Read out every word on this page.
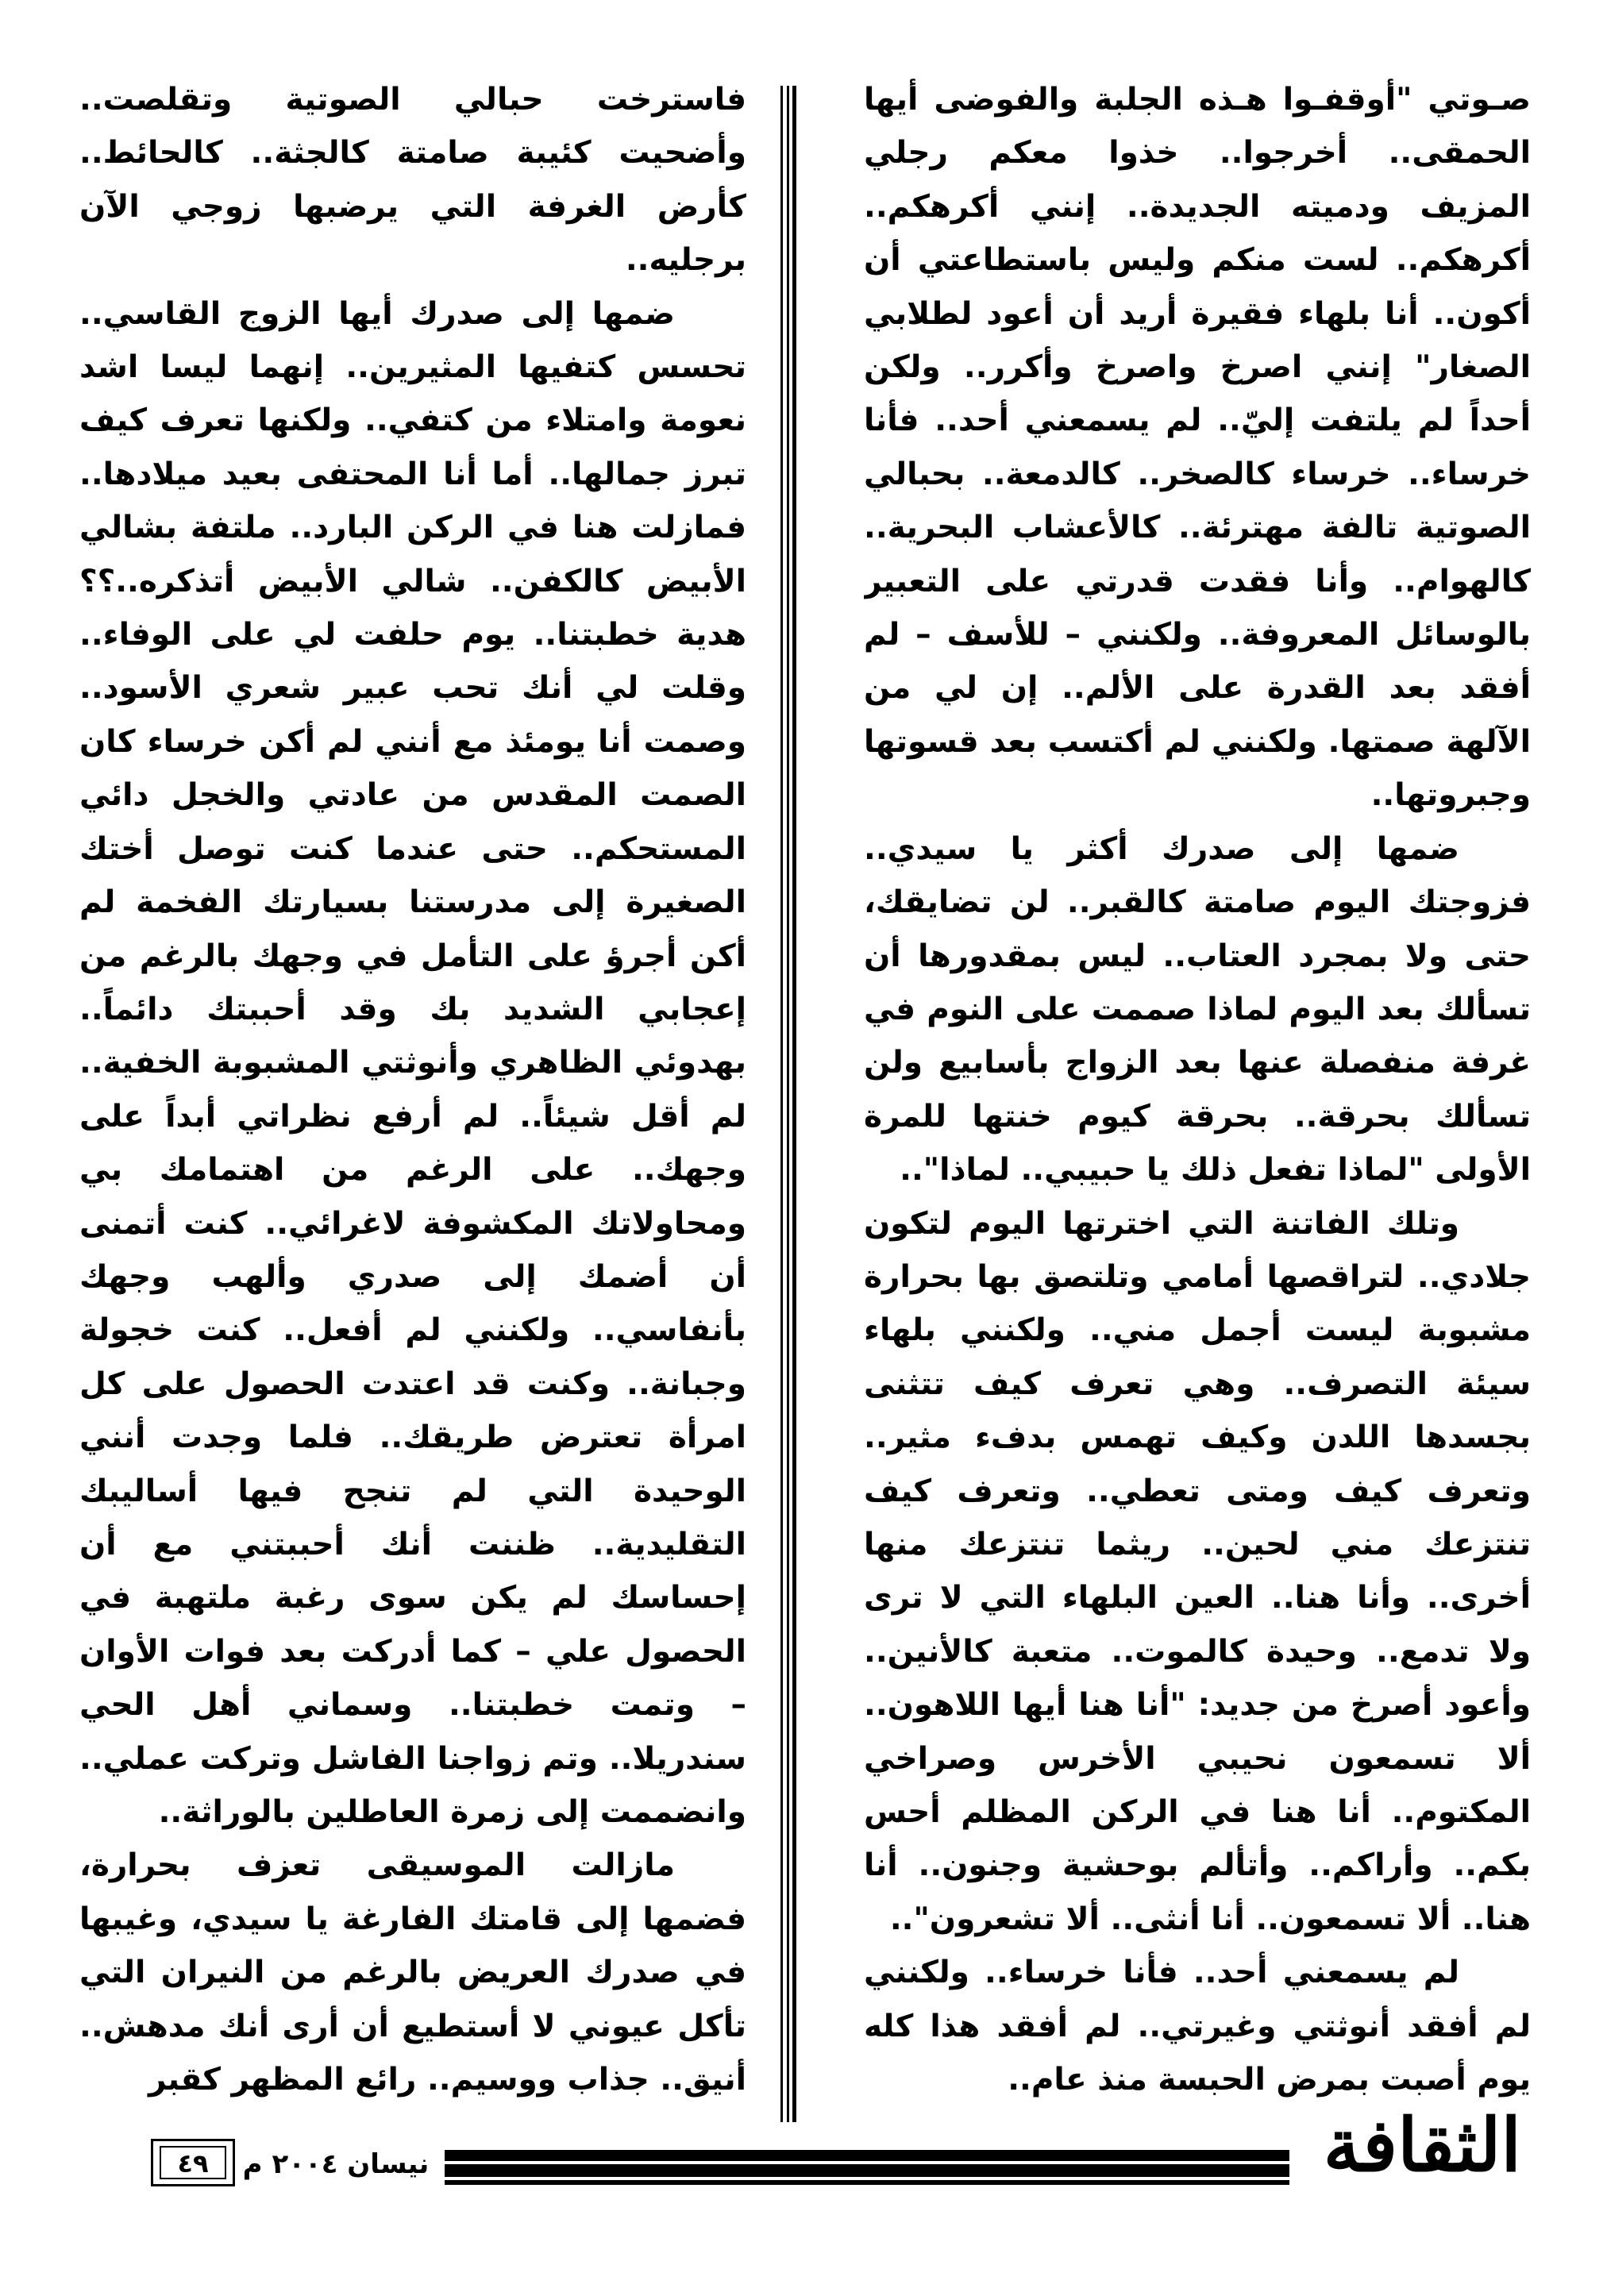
صـوتي "أوقفـوا هـذه الجلبة والفوضى أيها الحمقى.. أخرجوا.. خذوا معكم رجلي المزيف ودميته الجديدة.. إنني أكرهكم.. أكرهكم.. لست منكم وليس باستطاعتي أن أكون.. أنا بلهاء فقيرة أريد أن أعود لطلابي الصغار" إنني اصرخ واصرخ وأكرر.. ولكن أحداً لم يلتفت إليّ.. لم يسمعني أحد.. فأنا خرساء.. خرساء كالصخر.. كالدمعة.. بحبالي الصوتية تالفة مهترئة.. كالأعشاب البحرية.. كالهوام.. وأنا فقدت قدرتي على التعبير بالوسائل المعروفة.. ولكنني – للأسف – لم أفقد بعد القدرة على الألم.. إن لي من الآلهة صمتها. ولكنني لم أكتسب بعد قسوتها وجبروتها..

ضمها إلى صدرك أكثر يا سيدي.. فزوجتك اليوم صامتة كالقبر.. لن تضايقك، حتى ولا بمجرد العتاب.. ليس بمقدورها أن تسألك بعد اليوم لماذا صممت على النوم في غرفة منفصلة عنها بعد الزواج بأسابيع ولن تسألك بحرقة.. بحرقة كيوم خنتها للمرة الأولى "لماذا تفعل ذلك يا حبيبي.. لماذا"..

وتلك الفاتنة التي اخترتها اليوم لتكون جلادي.. لتراقصها أمامي وتلتصق بها بحرارة مشبوبة ليست أجمل مني.. ولكنني بلهاء سيئة التصرف.. وهي تعرف كيف تتثنى بجسدها اللدن وكيف تهمس بدفء مثير.. وتعرف كيف ومتى تعطي.. وتعرف كيف تنتزعك مني لحين.. ريثما تنتزعك منها أخرى.. وأنا هنا.. العين البلهاء التي لا ترى ولا تدمع.. وحيدة كالموت.. متعبة كالأنين.. وأعود أصرخ من جديد: "أنا هنا أيها اللاهون.. ألا تسمعون نحيبي الأخرس وصراخي المكتوم.. أنا هنا في الركن المظلم أحس بكم.. وأراكم.. وأتألم بوحشية وجنون.. أنا هنا.. ألا تسمعون.. أنا أنثى.. ألا تشعرون"..

لم يسمعني أحد.. فأنا خرساء.. ولكنني لم أفقد أنوثتي وغيرتي.. لم أفقد هذا كله يوم أصبت بمرض الحبسة منذ عام..

فاسترخت حبالي الصوتية وتقلصت.. وأضحيت كئيبة صامتة كالجثة.. كالحائط.. كأرض الغرفة التي يرضبها زوجي الآن برجليه..

ضمها إلى صدرك أيها الزوج القاسي.. تحسس كتفيها المثيرين.. إنهما ليسا اشد نعومة وامتلاء من كتفي.. ولكنها تعرف كيف تبرز جمالها.. أما أنا المحتفى بعيد ميلادها.. فمازلت هنا في الركن البارد.. ملتفة بشالي الأبيض كالكفن.. شالي الأبيض أتذكره..؟؟ هدية خطبتنا.. يوم حلفت لي على الوفاء.. وقلت لي أنك تحب عبير شعري الأسود.. وصمت أنا يومئذ مع أنني لم أكن خرساء كان الصمت المقدس من عادتي والخجل دائي المستحكم.. حتى عندما كنت توصل أختك الصغيرة إلى مدرستنا بسيارتك الفخمة لم أكن أجرؤ على التأمل في وجهك بالرغم من إعجابي الشديد بك وقد أحببتك دائماً.. بهدوئي الظاهري وأنوثتي المشبوبة الخفية.. لم أقل شيئاً.. لم أرفع نظراتي أبداً على وجهك.. على الرغم من اهتمامك بي ومحاولاتك المكشوفة لاغرائي.. كنت أتمنى أن أضمك إلى صدري وألهب وجهك بأنفاسي.. ولكنني لم أفعل.. كنت خجولة وجبانة.. وكنت قد اعتدت الحصول على كل امرأة تعترض طريقك.. فلما وجدت أنني الوحيدة التي لم تنجح فيها أساليبك التقليدية.. ظننت أنك أحببتني مع أن إحساسك لم يكن سوى رغبة ملتهبة في الحصول علي – كما أدركت بعد فوات الأوان – وتمت خطبتنا.. وسماني أهل الحي سندريلا.. وتم زواجنا الفاشل وتركت عملي.. وانضممت إلى زمرة العاطلين بالوراثة..

مازالت الموسيقى تعزف بحرارة، فضمها إلى قامتك الفارغة يا سيدي، وغيبها في صدرك العريض بالرغم من النيران التي تأكل عيوني لا أستطيع أن أرى أنك مدهش.. أنيق.. جذاب ووسيم.. رائع المظهر كقبر

الثقافة
نيسان ٢٠٠٤ م
٤٩
